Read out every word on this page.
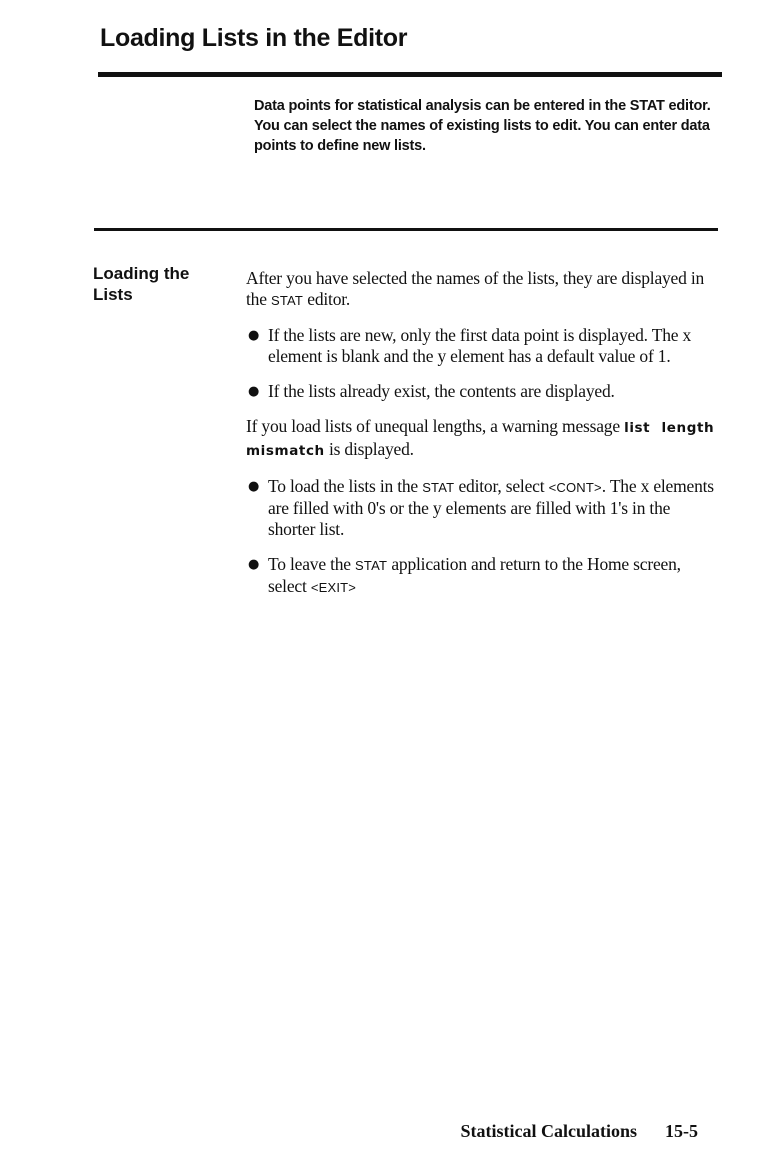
Loading Lists in the Editor

Data points for statistical analysis can be entered in the STAT editor. You can select the names of existing lists to edit. You can enter data points to define new lists.

Loading the Lists

After you have selected the names of the lists, they are displayed in the STAT editor.

● If the lists are new, only the first data point is displayed. The x element is blank and the y element has a default value of 1.
● If the lists already exist, the contents are displayed.

If you load lists of unequal lengths, a warning message list length mismatch is displayed.

● To load the lists in the STAT editor, select <CONT>. The x elements are filled with 0's or the y elements are filled with 1's in the shorter list.
● To leave the STAT application and return to the Home screen, select <EXIT>
Statistical Calculations 15-5
